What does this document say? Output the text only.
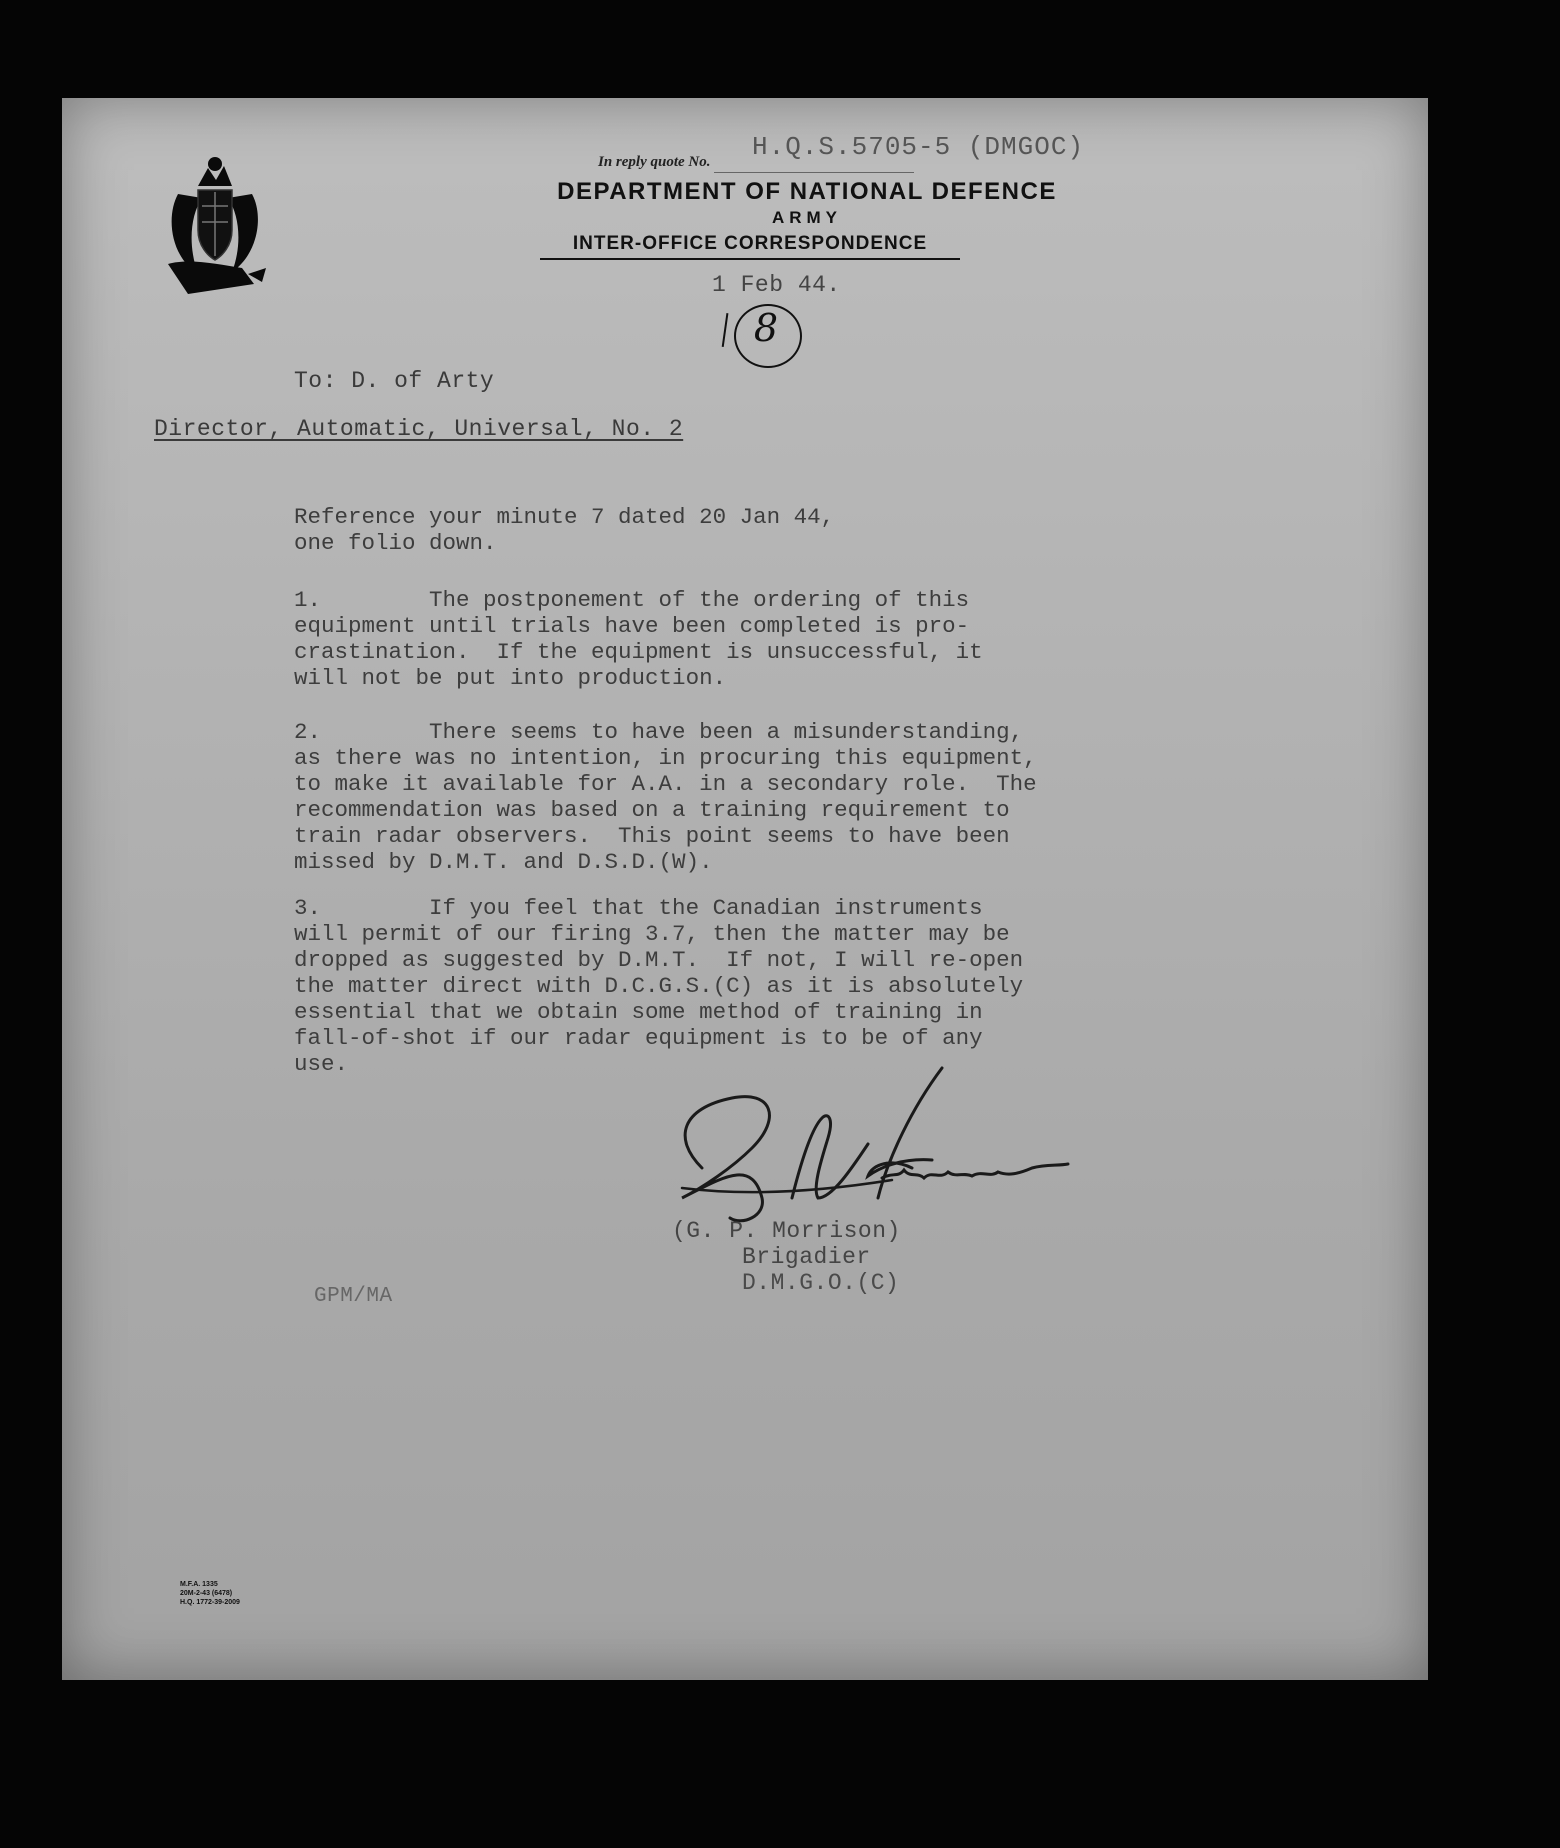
In reply quote No. H.Q.S.5705-5 (DMGOC)
DEPARTMENT OF NATIONAL DEFENCE
ARMY
INTER-OFFICE CORRESPONDENCE
1 Feb 44.
8
To: D. of Arty
Director, Automatic, Universal, No. 2
Reference your minute 7 dated 20 Jan 44,
one folio down.
1.        The postponement of the ordering of this
equipment until trials have been completed is pro-
crastination.  If the equipment is unsuccessful, it
will not be put into production.
2.        There seems to have been a misunderstanding,
as there was no intention, in procuring this equipment,
to make it available for A.A. in a secondary role.  The
recommendation was based on a training requirement to
train radar observers.  This point seems to have been
missed by D.M.T. and D.S.D.(W).
3.        If you feel that the Canadian instruments
will permit of our firing 3.7, then the matter may be
dropped as suggested by D.M.T.  If not, I will re-open
the matter direct with D.C.G.S.(C) as it is absolutely
essential that we obtain some method of training in
fall-of-shot if our radar equipment is to be of any
use.
(G. P. Morrison)
Brigadier
D.M.G.O.(C)
GPM/MA
M.F.A. 1335
20M-2-43 (6478)
H.Q. 1772-39-2009
